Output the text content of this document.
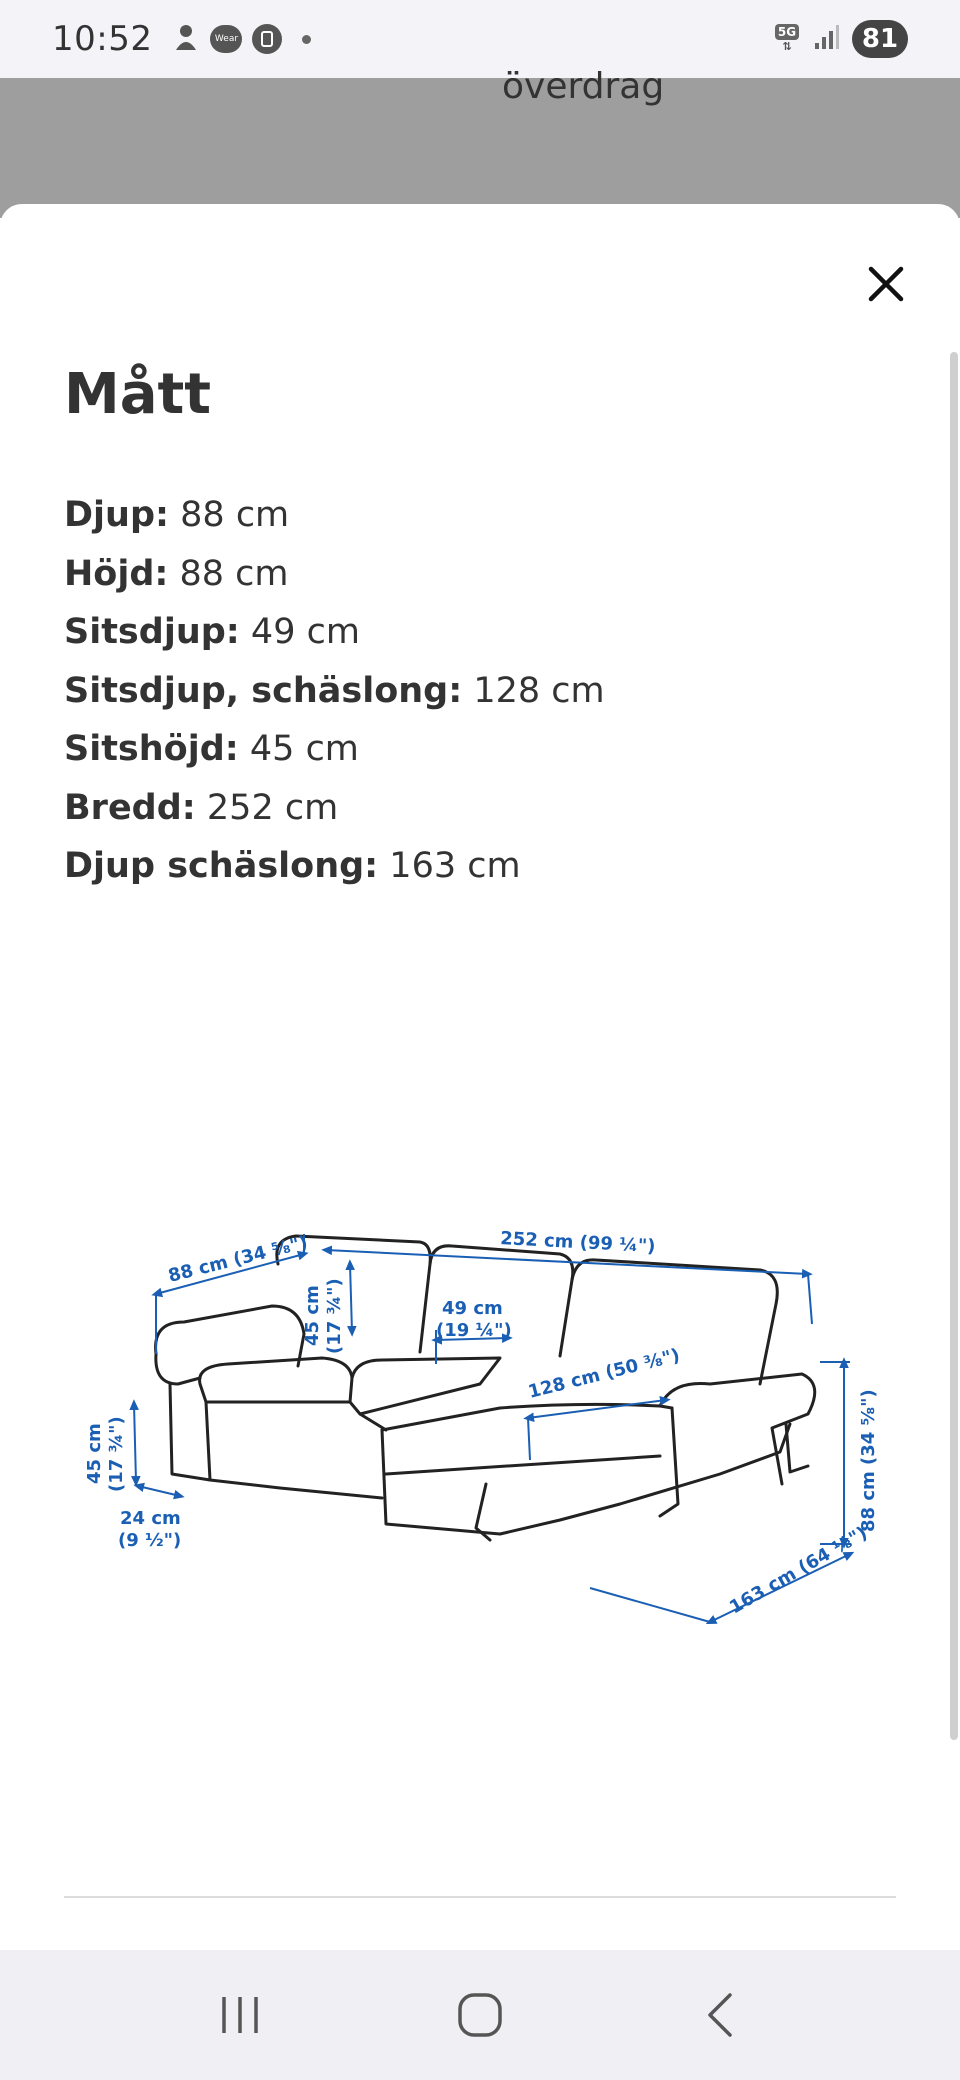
10:52	Wear	5G
⇅	81
överdrag
Mått
Djup: 88 cm
Höjd: 88 cm
Sitsdjup: 49 cm
Sitsdjup, schäslong: 128 cm
Sitshöjd: 45 cm
Bredd: 252 cm
Djup schäslong: 163 cm
88 cm (34 ⅝")	252 cm (99 ¼")
45 cm (17 ¾")	49 cm
(19 ¼")
128 cm (50 ⅜")
88 cm (34 ⅝")
45 cm (17 ¾")
24 cm
(9 ½")	163 cm (64 ⅛")
